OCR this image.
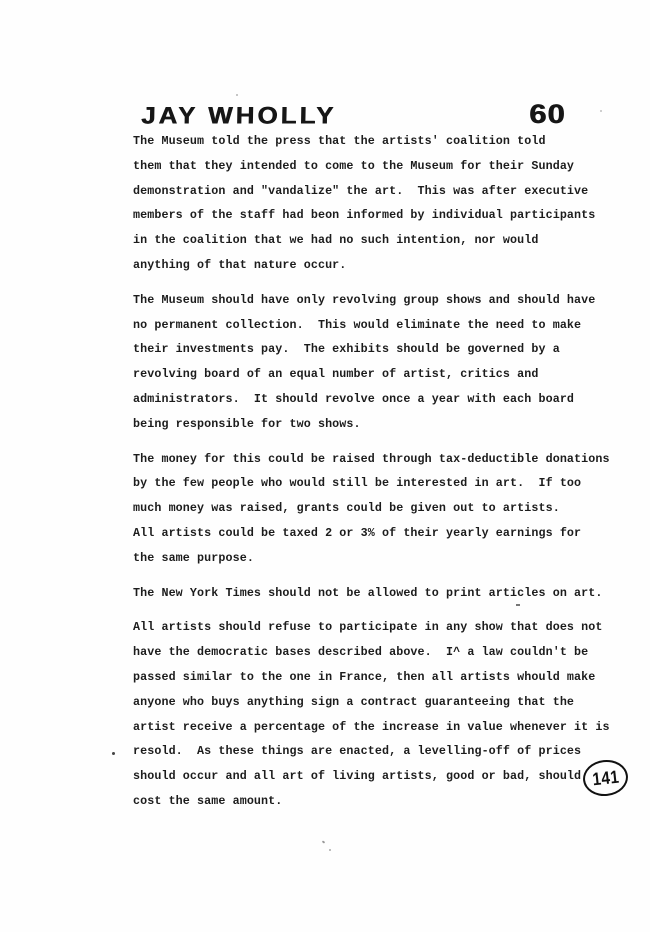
JAY WHOLLY	60
The Museum told the press that the artists' coalition told
them that they intended to come to the Museum for their Sunday
demonstration and "vandalize" the art.  This was after executive
members of the staff had beon informed by individual participants
in the coalition that we had no such intention, nor would
anything of that nature occur.
The Museum should have only revolving group shows and should have
no permanent collection.  This would eliminate the need to make
their investments pay.  The exhibits should be governed by a
revolving board of an equal number of artist, critics and
administrators.  It should revolve once a year with each board
being responsible for two shows.
The money for this could be raised through tax-deductible donations
by the few people who would still be interested in art.  If too
much money was raised, grants could be given out to artists.
All artists could be taxed 2 or 3% of their yearly earnings for
the same purpose.
The New York Times should not be allowed to print articles on art.
All artists should refuse to participate in any show that does not
have the democratic bases described above.  I^ a law couldn't be
passed similar to the one in France, then all artists whould make
anyone who buys anything sign a contract guaranteeing that the
artist receive a percentage of the increase in value whenever it is
resold.  As these things are enacted, a levelling-off of prices
should occur and all art of living artists, good or bad, should
cost the same amount.
141
